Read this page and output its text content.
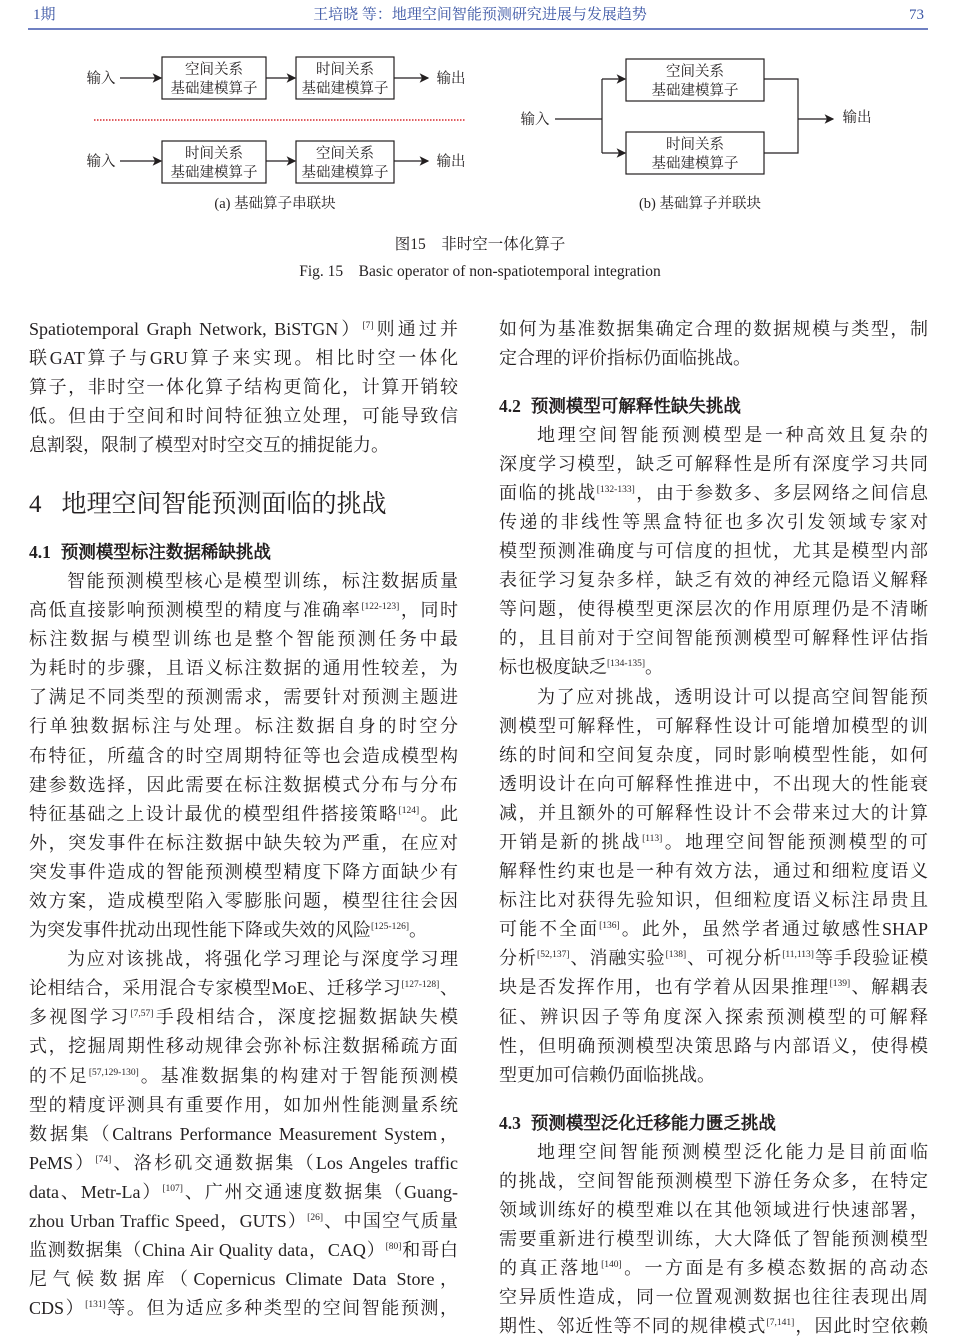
1期	王培晓 等：地理空间智能预测研究进展与发展趋势	73
输入
空间关系
基础建模算子
时间关系
基础建模算子
输出
输入	时间关系
基础建模算子
空间关系
基础建模算子
输出
(a) 基础算子串联块
输入
空间关系
基础建模算子
时间关系
基础建模算子
输出
(b) 基础算子并联块
图15　非时空一体化算子
Fig. 15　Basic operator of non-spatiotemporal integration
Spatiotemporal Graph Network, BiSTGN）[7]则通过并
联GAT算子与GRU算子来实现。相比时空一体化
算子，非时空一体化算子结构更简化，计算开销较
低。但由于空间和时间特征独立处理，可能导致信
息割裂，限制了模型对时空交互的捕捉能力。
4 地理空间智能预测面临的挑战
4.1 预测模型标注数据稀缺挑战
智能预测模型核心是模型训练，标注数据质量
高低直接影响预测模型的精度与准确率[122-123]，同时
标注数据与模型训练也是整个智能预测任务中最
为耗时的步骤，且语义标注数据的通用性较差，为
了满足不同类型的预测需求，需要针对预测主题进
行单独数据标注与处理。标注数据自身的时空分
布特征，所蕴含的时空周期特征等也会造成模型构
建参数选择，因此需要在标注数据模式分布与分布
特征基础之上设计最优的模型组件搭接策略[124]。此
外，突发事件在标注数据中缺失较为严重，在应对
突发事件造成的智能预测模型精度下降方面缺少有
效方案，造成模型陷入零膨胀问题，模型往往会因
为突发事件扰动出现性能下降或失效的风险[125-126]。
为应对该挑战，将强化学习理论与深度学习理
论相结合，采用混合专家模型MoE、迁移学习[127-128]、
多视图学习[7,57]手段相结合，深度挖掘数据缺失模
式，挖掘周期性移动规律会弥补标注数据稀疏方面
的不足[57,129-130]。基准数据集的构建对于智能预测模
型的精度评测具有重要作用，如加州性能测量系统
数据集（Caltrans Performance Measurement System，
PeMS）[74]、洛杉矶交通数据集（Los Angeles traffic
data、Metr-La）[107]、广州交通速度数据集（Guang-
zhou Urban Traffic Speed，GUTS）[26]、中国空气质量
监测数据集（China Air Quality data，CAQ）[80]和哥白
尼气候数据库（Copernicus Climate Data Store，
CDS）[131]等。但为适应多种类型的空间智能预测，
如何为基准数据集确定合理的数据规模与类型，制
定合理的评价指标仍面临挑战。
4.2 预测模型可解释性缺失挑战
地理空间智能预测模型是一种高效且复杂的
深度学习模型，缺乏可解释性是所有深度学习共同
面临的挑战[132-133]，由于参数多、多层网络之间信息
传递的非线性等黑盒特征也多次引发领域专家对
模型预测准确度与可信度的担忧，尤其是模型内部
表征学习复杂多样，缺乏有效的神经元隐语义解释
等问题，使得模型更深层次的作用原理仍是不清晰
的，且目前对于空间智能预测模型可解释性评估指
标也极度缺乏[134-135]。
为了应对挑战，透明设计可以提高空间智能预
测模型可解释性，可解释性设计可能增加模型的训
练的时间和空间复杂度，同时影响模型性能，如何
透明设计在向可解释性推进中，不出现大的性能衰
减，并且额外的可解释性设计不会带来过大的计算
开销是新的挑战[113]。地理空间智能预测模型的可
解释性约束也是一种有效方法，通过和细粒度语义
标注比对获得先验知识，但细粒度语义标注昂贵且
可能不全面[136]。此外，虽然学者通过敏感性SHAP
分析[52,137]、消融实验[138]、可视分析[11,113]等手段验证模
块是否发挥作用，也有学着从因果推理[139]、解耦表
征、辨识因子等角度深入探索预测模型的可解释
性，但明确预测模型决策思路与内部语义，使得模
型更加可信赖仍面临挑战。
4.3 预测模型泛化迁移能力匮乏挑战
地理空间智能预测模型泛化能力是目前面临
的挑战，空间智能预测模型下游任务众多，在特定
领域训练好的模型难以在其他领域进行快速部署，
需要重新进行模型训练，大大降低了智能预测模型
的真正落地[140]。一方面是有多模态数据的高动态
空异质性造成，同一位置观测数据也往往表现出周
期性、邻近性等不同的规律模式[7,141]，因此时空依赖
